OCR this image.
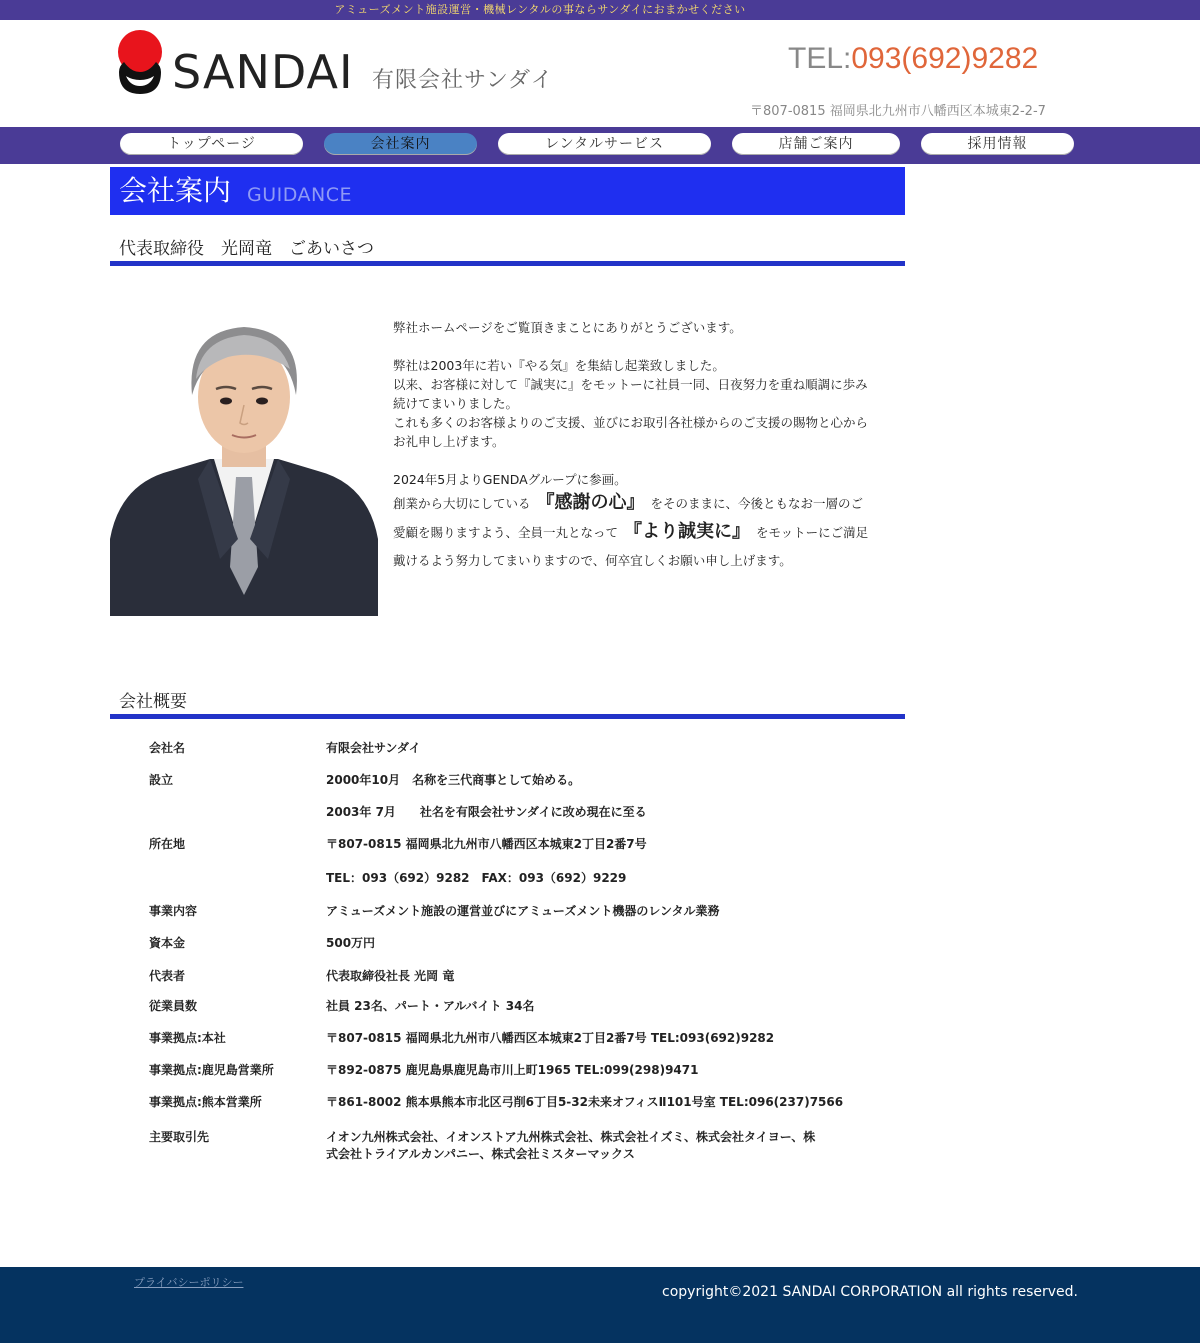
アミューズメント施設運営・機械レンタルの事ならサンダイにおまかせください
SANDAI 有限会社サンダイ
TEL:093(692)9282
〒807-0815 福岡県北九州市八幡西区本城東2-2-7
トップページ	会社案内	レンタルサービス	店舗ご案内	採用情報
会社案内 GUIDANCE
代表取締役　光岡竜　ごあいさつ

弊社ホームページをご覧頂きまことにありがとうございます。

弊社は2003年に若い『やる気』を集結し起業致しました。

以来、お客様に対して『誠実に』をモットーに社員一同、日夜努力を重ね順調に歩み続けてまいりました。

これも多くのお客様よりのご支援、並びにお取引各社様からのご支援の賜物と心からお礼申し上げます。

2024年5月よりGENDAグループに参画。

創業から大切にしている 『感謝の心』 をそのままに、今後ともなお一層のご愛顧を賜りますよう、全員一丸となって 『より誠実に』 をモットーにご満足戴けるよう努力してまいりますので、何卒宜しくお願い申し上げます。

会社概要
会社名	有限会社サンダイ
設立	2000年10月　名称を三代商事として始める。
2003年 7月　　社名を有限会社サンダイに改め現在に至る
所在地	〒807-0815 福岡県北九州市八幡西区本城東2丁目2番7号
TEL：093（692）9282　FAX：093（692）9229
事業内容	アミューズメント施設の運営並びにアミューズメント機器のレンタル業務
資本金	500万円
代表者	代表取締役社長 光岡 竜
従業員数	社員 23名、パート・アルバイト 34名
事業拠点:本社	〒807-0815 福岡県北九州市八幡西区本城東2丁目2番7号 TEL:093(692)9282
事業拠点:鹿児島営業所	〒892-0875 鹿児島県鹿児島市川上町1965 TEL:099(298)9471
事業拠点:熊本営業所	〒861-8002 熊本県熊本市北区弓削6丁目5-32未来オフィスⅡ101号室 TEL:096(237)7566
主要取引先	イオン九州株式会社、イオンストア九州株式会社、株式会社イズミ、株式会社タイヨー、株式会社トライアルカンパニー、株式会社ミスターマックス
プライバシーポリシー
copyright©2021 SANDAI CORPORATION all rights reserved.
